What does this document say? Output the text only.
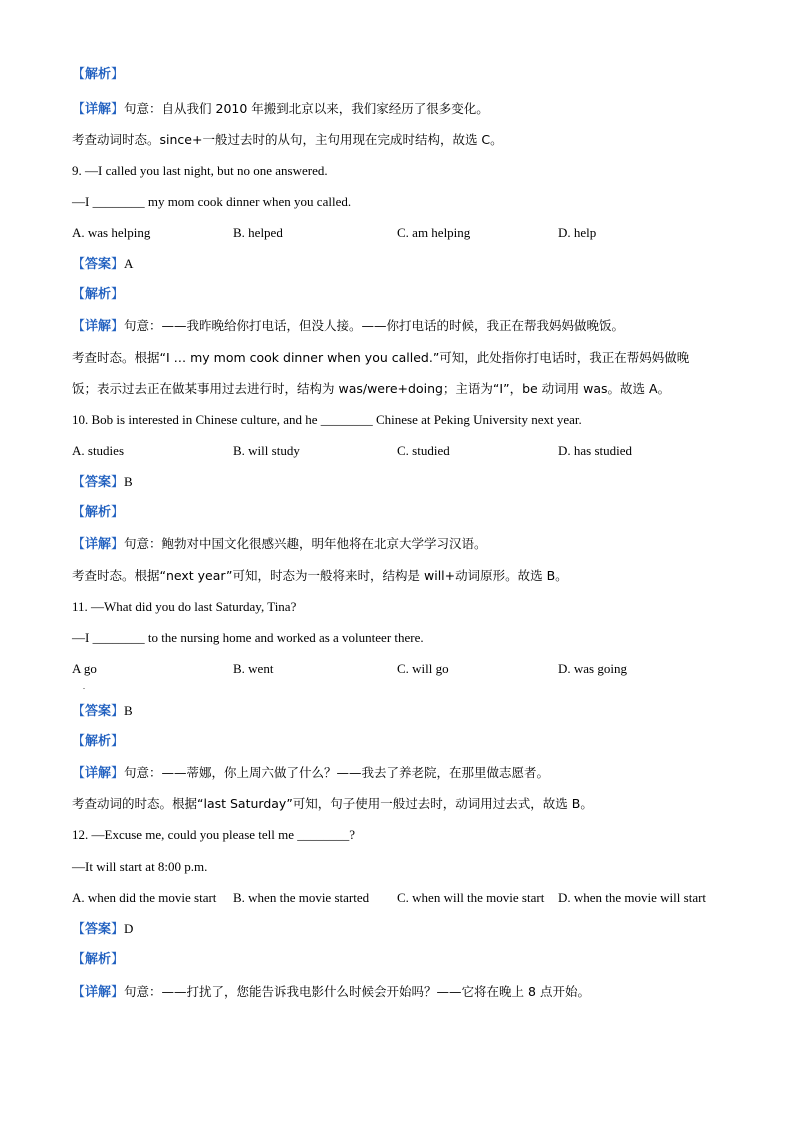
【解析】
【详解】句意：自从我们 2010 年搬到北京以来，我们家经历了很多变化。
考查动词时态。since+一般过去时的从句，主句用现在完成时结构，故选 C。
9. —I called you last night, but no one answered.
—I ________ my mom cook dinner when you called.
A. was helping	B. helped	C. am helping	D. help
【答案】A
【解析】
【详解】句意：——我昨晚给你打电话，但没人接。——你打电话的时候，我正在帮我妈妈做晚饭。
考查时态。根据“I … my mom cook dinner when you called.”可知，此处指你打电话时，我正在帮妈妈做晚
饭；表示过去正在做某事用过去进行时，结构为 was/were+doing；主语为“I”，be 动词用 was。故选 A。
10. Bob is interested in Chinese culture, and he ________ Chinese at Peking University next year.
A. studies	B. will study	C. studied	D. has studied
【答案】B
【解析】
【详解】句意：鲍勃对中国文化很感兴趣，明年他将在北京大学学习汉语。
考查时态。根据“next year”可知，时态为一般将来时，结构是 will+动词原形。故选 B。
11. —What did you do last Saturday, Tina?
—I ________ to the nursing home and worked as a volunteer there.
A go	B. went	C. will go	D. was going
.
【答案】B
【解析】
【详解】句意：——蒂娜，你上周六做了什么？——我去了养老院，在那里做志愿者。
考查动词的时态。根据“last Saturday”可知，句子使用一般过去时，动词用过去式，故选 B。
12. —Excuse me, could you please tell me ________?
—It will start at 8:00 p.m.
A. when did the movie start B. when the movie started C. when will the movie start D. when the movie will start
【答案】D
【解析】
【详解】句意：——打扰了，您能告诉我电影什么时候会开始吗？——它将在晚上 8 点开始。
